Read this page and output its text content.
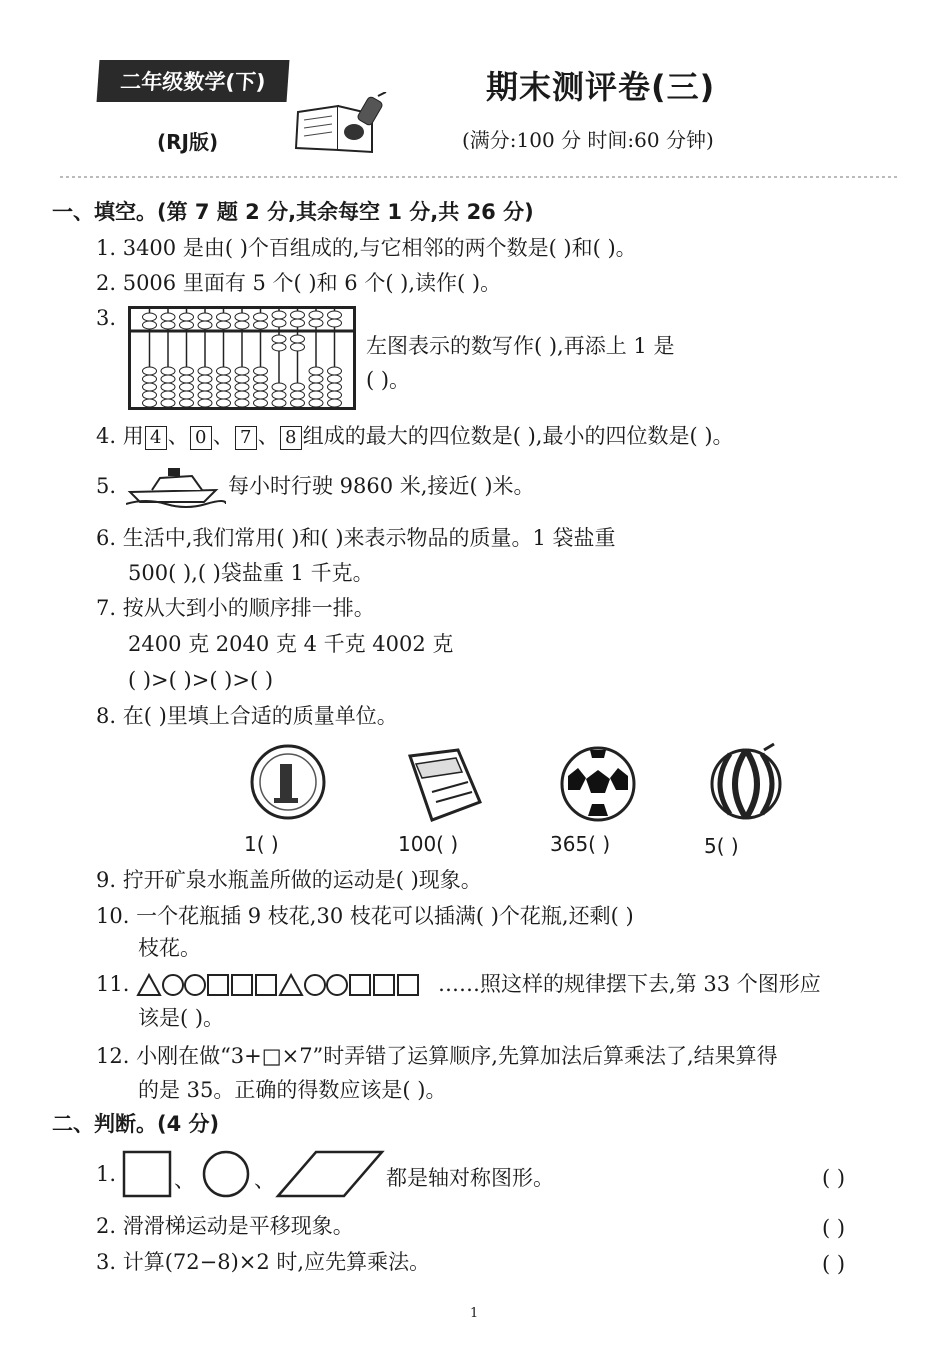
二年级数学(下)	期末测评卷(三)
(RJ版)	(满分:100 分 时间:60 分钟)
一、填空。(第 7 题 2 分,其余每空 1 分,共 26 分)
1. 3400 是由( )个百组成的,与它相邻的两个数是( )和( )。
2. 5006 里面有 5 个( )和 6 个( ),读作( )。
3.
左图表示的数写作( ),再添上 1 是
( )。
4. 用 4 、 0 、 7 、 8 组成的最大的四位数是( ),最小的四位数是( )。
5.	每小时行驶 9860 米,接近( )米。
6. 生活中,我们常用( )和( )来表示物品的质量。1 袋盐重
500( ),( )袋盐重 1 千克。
7. 按从大到小的顺序排一排。
2400 克 2040 克 4 千克 4002 克
( )>( )>( )>( )
8. 在( )里填上合适的质量单位。
1( )	100( )	365( )	5( )
9. 拧开矿泉水瓶盖所做的运动是( )现象。
10. 一个花瓶插 9 枝花,30 枝花可以插满( )个花瓶,还剩( )
枝花。
11.	……照这样的规律摆下去,第 33 个图形应
该是( )。
12. 小刚在做“3+□×7”时弄错了运算顺序,先算加法后算乘法了,结果算得
的是 35。正确的得数应该是( )。
二、判断。(4 分)
1.	、	、	都是轴对称图形。	( )
2. 滑滑梯运动是平移现象。	( )
3. 计算(72−8)×2 时,应先算乘法。	( )
1
